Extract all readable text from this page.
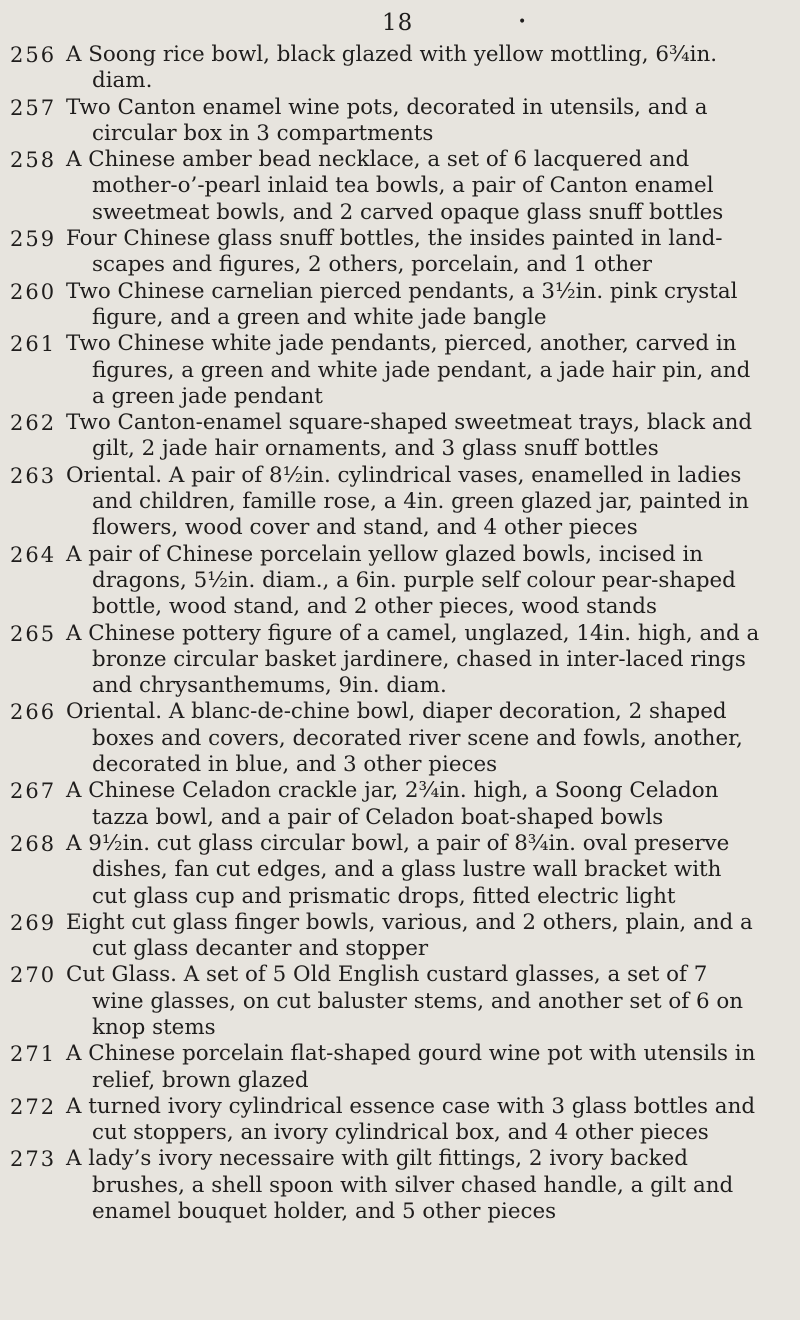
18	•
256 A Soong rice bowl, black glazed with yellow mottling, 6¾in. diam.
257 Two Canton enamel wine pots, decorated in utensils, and a circular box in 3 compartments
258 A Chinese amber bead necklace, a set of 6 lacquered and mother-o’-pearl inlaid tea bowls, a pair of Canton enamel sweetmeat bowls, and 2 carved opaque glass snuff bottles
259 Four Chinese glass snuff bottles, the insides painted in land-scapes and figures, 2 others, porcelain, and 1 other
260 Two Chinese carnelian pierced pendants, a 3½in. pink crystal figure, and a green and white jade bangle
261 Two Chinese white jade pendants, pierced, another, carved in figures, a green and white jade pendant, a jade hair pin, and a green jade pendant
262 Two Canton-enamel square-shaped sweetmeat trays, black and gilt, 2 jade hair ornaments, and 3 glass snuff bottles
263 Oriental. A pair of 8½in. cylindrical vases, enamelled in ladies and children, famille rose, a 4in. green glazed jar, painted in flowers, wood cover and stand, and 4 other pieces
264 A pair of Chinese porcelain yellow glazed bowls, incised in dragons, 5½in. diam., a 6in. purple self colour pear-shaped bottle, wood stand, and 2 other pieces, wood stands
265 A Chinese pottery figure of a camel, unglazed, 14in. high, and a bronze circular basket jardinere, chased in inter-laced rings and chrysanthemums, 9in. diam.
266 Oriental. A blanc-de-chine bowl, diaper decoration, 2 shaped boxes and covers, decorated river scene and fowls, another, decorated in blue, and 3 other pieces
267 A Chinese Celadon crackle jar, 2¾in. high, a Soong Celadon tazza bowl, and a pair of Celadon boat-shaped bowls
268 A 9½in. cut glass circular bowl, a pair of 8¾in. oval preserve dishes, fan cut edges, and a glass lustre wall bracket with cut glass cup and prismatic drops, fitted electric light
269 Eight cut glass finger bowls, various, and 2 others, plain, and a cut glass decanter and stopper
270 Cut Glass. A set of 5 Old English custard glasses, a set of 7 wine glasses, on cut baluster stems, and another set of 6 on knop stems
271 A Chinese porcelain flat-shaped gourd wine pot with utensils in relief, brown glazed
272 A turned ivory cylindrical essence case with 3 glass bottles and cut stoppers, an ivory cylindrical box, and 4 other pieces
273 A lady’s ivory necessaire with gilt fittings, 2 ivory backed brushes, a shell spoon with silver chased handle, a gilt and enamel bouquet holder, and 5 other pieces
